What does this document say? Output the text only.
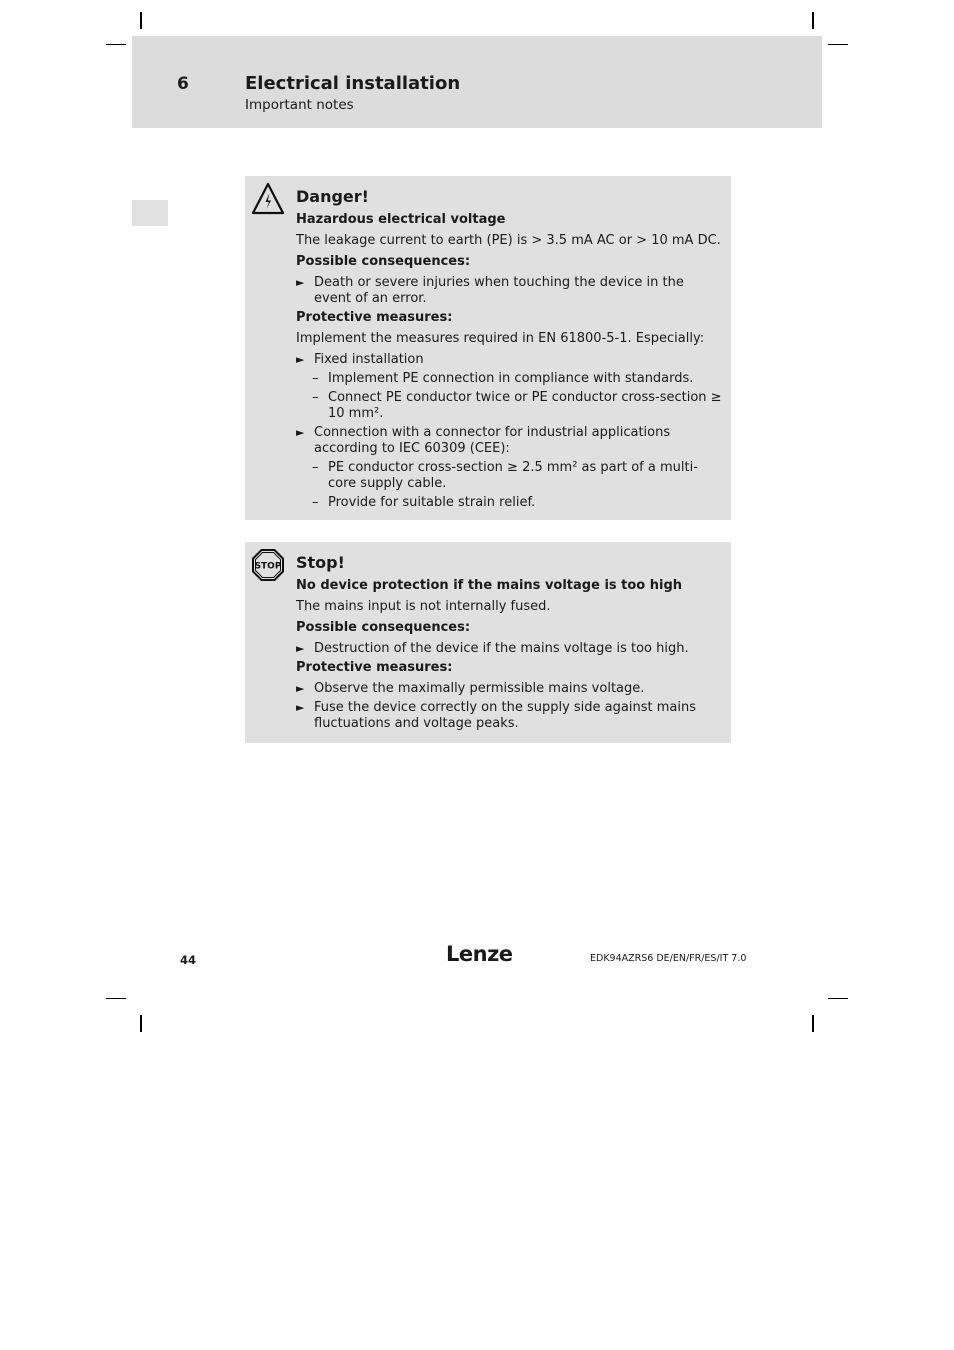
6	Electrical installation
Important notes
Danger!
Hazardous electrical voltage
The leakage current to earth (PE) is > 3.5 mA AC or > 10 mA DC.
Possible consequences:
► Death or severe injuries when touching the device in the event of an error.
Protective measures:
Implement the measures required in EN 61800-5-1. Especially:
► Fixed installation
– Implement PE connection in compliance with standards.
– Connect PE conductor twice or PE conductor cross-section ≥ 10 mm².
► Connection with a connector for industrial applications according to IEC 60309 (CEE):
– PE conductor cross-section ≥ 2.5 mm² as part of a multi-core supply cable.
– Provide for suitable strain relief.
STOP Stop!
No device protection if the mains voltage is too high
The mains input is not internally fused.
Possible consequences:
► Destruction of the device if the mains voltage is too high.
Protective measures:
► Observe the maximally permissible mains voltage.
► Fuse the device correctly on the supply side against mains fluctuations and voltage peaks.
44	Lenze	EDK94AZRS6 DE/EN/FR/ES/IT 7.0
